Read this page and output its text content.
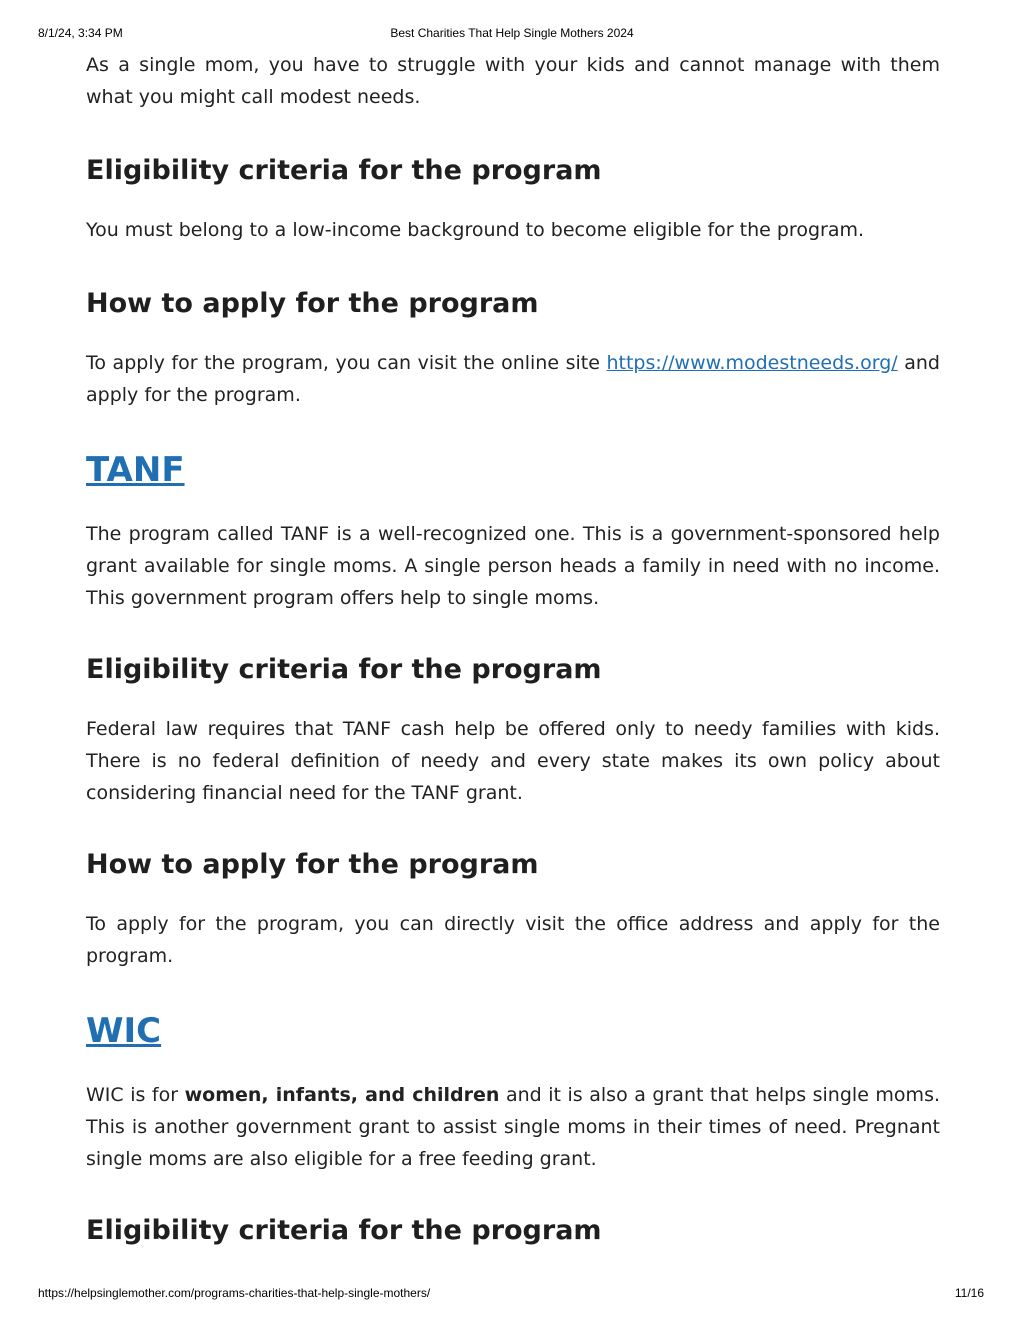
8/1/24, 3:34 PM	Best Charities That Help Single Mothers 2024

As a single mom, you have to struggle with your kids and cannot manage with them what you might call modest needs.

Eligibility criteria for the program

You must belong to a low-income background to become eligible for the program.

How to apply for the program

To apply for the program, you can visit the online site https://www.modestneeds.org/ and apply for the program.

TANF

The program called TANF is a well-recognized one. This is a government-sponsored help grant available for single moms. A single person heads a family in need with no income. This government program offers help to single moms.

Eligibility criteria for the program

Federal law requires that TANF cash help be offered only to needy families with kids. There is no federal definition of needy and every state makes its own policy about considering financial need for the TANF grant.

How to apply for the program

To apply for the program, you can directly visit the office address and apply for the program.

WIC

WIC is for women, infants, and children and it is also a grant that helps single moms. This is another government grant to assist single moms in their times of need. Pregnant single moms are also eligible for a free feeding grant.

Eligibility criteria for the program
https://helpsinglemother.com/programs-charities-that-help-single-mothers/	11/16
